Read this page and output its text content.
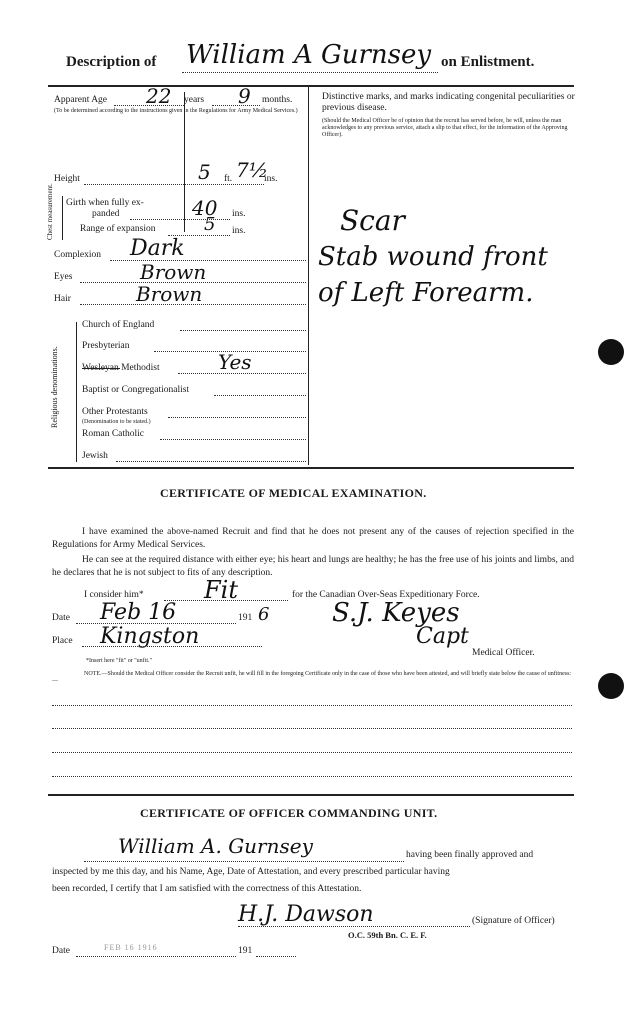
Description of William A Gurnsey on Enlistment.
Apparent Age 22 years 9 months.
(To be determined according to the instructions given in the Regulations for Army Medical Services.)
Height	5 ft. 7½
ins.
Chest measurement. Girth when fully ex-
panded	40 ins.
Range of expansion	5 ins.
Complexion Dark
Eyes	Brown
Hair	Brown
Religious denominations.
Church of England
Presbyterian
Wesleyan Methodist	Yes
Baptist or Congregationalist
Other Protestants
(Denomination to be stated.)
Roman Catholic
Jewish
Distinctive marks, and marks indicating congenital peculiarities or previous disease.
(Should the Medical Officer be of opinion that the recruit has served before, he will, unless the man acknowledges to any previous service, attach a slip to that effect, for the information of the Approving Officer).
Scar
Stab wound front
of Left Forearm.
CERTIFICATE OF MEDICAL EXAMINATION.
I have examined the above-named Recruit and find that he does not present any of the causes of rejection specified in the Regulations for Army Medical Services.
He can see at the required distance with either eye; his heart and lungs are healthy; he has the free use of his joints and limbs, and he declares that he is not subject to fits of any description.
I consider him*	Fit	for the Canadian Over-Seas Expeditionary Force.
Date Feb 16	191 6 S.J. Keyes
Capt
Place Kingston
*Insert here "fit" or "unfit."
Medical Officer.
NOTE.—Should the Medical Officer consider the Recruit unfit, he will fill in the foregoing Certificate only in the case of those who have been attested, and will briefly state below the cause of unfitness:—
CERTIFICATE OF OFFICER COMMANDING UNIT.
William A. Gurnsey	having been finally approved and
inspected by me this day, and his Name, Age, Date of Attestation, and every prescribed particular having
been recorded, I certify that I am satisfied with the correctness of this Attestation.
H.J. Dawson	(Signature of Officer)
O.C. 59th Bn. C. E. F.
Date	FEB 16 1916	191
